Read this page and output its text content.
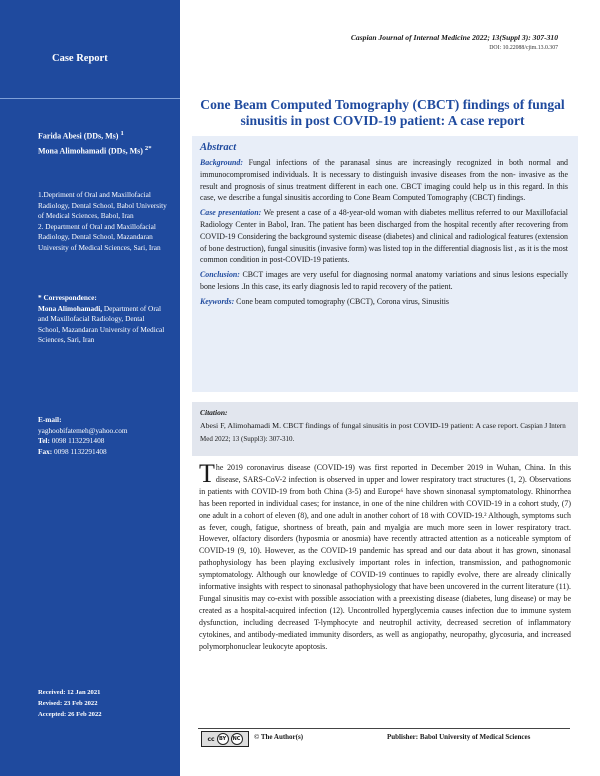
Case Report
Farida Abesi (DDs, Ms) $^1$
Mona Alimohamadi (DDs, Ms) $^{2*}$
1.Depriment of Oral and Maxillofacial Radiology, Dental School, Babol University of Medical Sciences, Babol, Iran
2. Department of Oral and Maxillofacial Radiology, Dental School, Mazandaran University of Medical Sciences, Sari, Iran
* Correspondence:
Mona Alimohamadi, Department of Oral and Maxillofacial Radiology, Dental School, Mazandaran University of Medical Sciences, Sari, Iran
E-mail:
yaghoobifatemeh@yahoo.com
Tel: 0098 1132291408
Fax: 0098 1132291408
Received: 12 Jan 2021
Revised: 23 Feb 2022
Accepted: 26 Feb 2022
Caspian Journal of Internal Medicine 2022; 13(Suppl 3): 307-310
DOI: 10.22088/cjim.13.0.307
Cone Beam Computed Tomography (CBCT) findings of fungal sinusitis in post COVID-19 patient: A case report
Abstract

Background: Fungal infections of the paranasal sinus are increasingly recognized in both normal and immunocompromised individuals. It is necessary to distinguish invasive diseases from the non- invasive as the result and prognosis of sinus treatment different in each one. CBCT imaging could help us in this regard. In this case, we describe a fungal sinusitis according to Cone Beam Computed Tomography (CBCT) findings.

Case presentation: We present a case of a 48-year-old woman with diabetes mellitus referred to our Maxillofacial Radiology Center in Babol, Iran. The patient has been discharged from the hospital recently after recovering from COVID-19 Considering the background systemic disease (diabetes) and clinical and radiological features (extension of bone destruction), fungal sinusitis (invasive form) was listed top in the differential diagnosis list , as it is the most common condition in post-COVID-19 patients.

Conclusion: CBCT images are very useful for diagnosing normal anatomy variations and sinus lesions especially bone lesions .In this case, its early diagnosis led to rapid recovery of the patient.

Keywords: Cone beam computed tomography (CBCT), Corona virus, Sinusitis

Citation:
Abesi F, Alimohamadi M. CBCT findings of fungal sinusitis in post COVID-19 patient: A case report. Caspian J Intern Med 2022; 13 (Suppl3): 307-310.
The 2019 coronavirus disease (COVID-19) was first reported in December 2019 in Wuhan, China. In this disease, SARS-CoV-2 infection is observed in upper and lower respiratory tract structures (1, 2). Observations in patients with COVID-19 from both China (3-5) and Europe⁶ have shown sinonasal symptomatology. Rhinorrhea has been reported in individual cases; for instance, in one of the nine children with COVID-19 in a cohort study, (7) one adult in a cohort of eleven (8), and one adult in another cohort of 18 with COVID-19.² Although, symptoms such as fever, cough, fatigue, shortness of breath, pain and myalgia are much more seen in lower respiratory tract. However, olfactory disorders (hyposmia or anosmia) have recently attracted attention as a noticeable symptom of COVID-19 (9, 10). However, as the COVID-19 pandemic has spread and our data about it has grown, sinonasal pathophysiology has been playing exclusively important roles in infection, transmission, and pathognomonic symptomatology. Although our knowledge of COVID-19 continues to rapidly evolve, there are already clinically informative insights with respect to sinonasal pathophysiology that have been uncovered in the current literature (11). Fungal sinusitis may co-exist with possible association with a preexisting disease (diabetes, lung disease) or may be created as a hospital-acquired infection (12). Uncontrolled hyperglycemia causes infection due to immune system dysfunction, including decreased T-lymphocyte and neutrophil activity, decreased secretion of inflammatory cytokines, and antibody-mediated immunity disorders, as well as angiopathy, neuropathy, glycosuria, and increased polymorphonuclear leukocyte apoptosis.
cc BY	NC © The Author(s)	Publisher: Babol University of Medical Sciences
